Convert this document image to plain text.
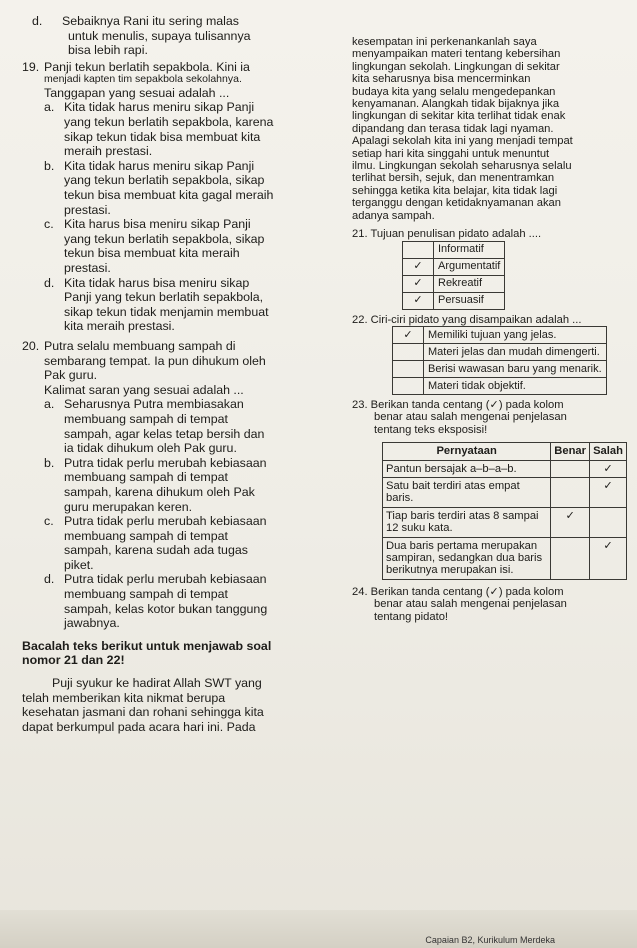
d. Sebaiknya Rani itu sering malas

untuk menulis, supaya tulisannya

bisa lebih rapi.

19. Panji tekun berlatih sepakbola. Kini ia

menjadi kapten tim sepakbola sekolahnya.

Tanggapan yang sesuai adalah ...

a. Kita tidak harus meniru sikap Panji

yang tekun berlatih sepakbola, karena

sikap tekun tidak bisa membuat kita

meraih prestasi.

b. Kita tidak harus meniru sikap Panji

yang tekun berlatih sepakbola, sikap

tekun bisa membuat kita gagal meraih

prestasi.

c. Kita harus bisa meniru sikap Panji

yang tekun berlatih sepakbola, sikap

tekun bisa membuat kita meraih

prestasi.

d. Kita tidak harus bisa meniru sikap

Panji yang tekun berlatih sepakbola,

sikap tekun tidak menjamin membuat

kita meraih prestasi.

20. Putra selalu membuang sampah di

sembarang tempat. Ia pun dihukum oleh

Pak guru.

Kalimat saran yang sesuai adalah ...

a. Seharusnya Putra membiasakan

membuang sampah di tempat

sampah, agar kelas tetap bersih dan

ia tidak dihukum oleh Pak guru.

b. Putra tidak perlu merubah kebiasaan

membuang sampah di tempat

sampah, karena dihukum oleh Pak

guru merupakan keren.

c. Putra tidak perlu merubah kebiasaan

membuang sampah di tempat

sampah, karena sudah ada tugas

piket.

d. Putra tidak perlu merubah kebiasaan

membuang sampah di tempat

sampah, kelas kotor bukan tanggung

jawabnya.

Bacalah teks berikut untuk menjawab soal

nomor 21 dan 22!

Puji syukur ke hadirat Allah SWT yang

telah memberikan kita nikmat berupa

kesehatan jasmani dan rohani sehingga kita

dapat berkumpul pada acara hari ini. Pada

kesempatan ini perkenankanlah saya

menyampaikan materi tentang kebersihan

lingkungan sekolah. Lingkungan di sekitar

kita seharusnya bisa mencerminkan

budaya kita yang selalu mengedepankan

kenyamanan. Alangkah tidak bijaknya jika

lingkungan di sekitar kita terlihat tidak enak

dipandang dan terasa tidak lagi nyaman.

Apalagi sekolah kita ini yang menjadi tempat

setiap hari kita singgahi untuk menuntut

ilmu. Lingkungan sekolah seharusnya selalu

terlihat bersih, sejuk, dan menentramkan

sehingga ketika kita belajar, kita tidak lagi

terganggu dengan ketidaknyamanan akan

adanya sampah.

21. Tujuan penulisan pidato adalah ....

	Informatif
✓	Argumentatif
✓	Rekreatif
✓	Persuasif

22. Ciri-ciri pidato yang disampaikan adalah ...

✓	Memiliki tujuan yang jelas.
	Materi jelas dan mudah dimengerti.
	Berisi wawasan baru yang menarik.
	Materi tidak objektif.

23. Berikan tanda centang (✓) pada kolom

benar atau salah mengenai penjelasan

tentang teks eksposisi!

Pernyataan	Benar	Salah
Pantun bersajak a–b–a–b.		✓
Satu bait terdiri atas empat baris.		✓
Tiap baris terdiri atas 8 sampai 12 suku kata.	✓	
Dua baris pertama merupakan sampiran, sedangkan dua baris berikutnya merupakan isi.		✓

24. Berikan tanda centang (✓) pada kolom

benar atau salah mengenai penjelasan

tentang pidato!

Capaian B2, Kurikulum Merdeka
